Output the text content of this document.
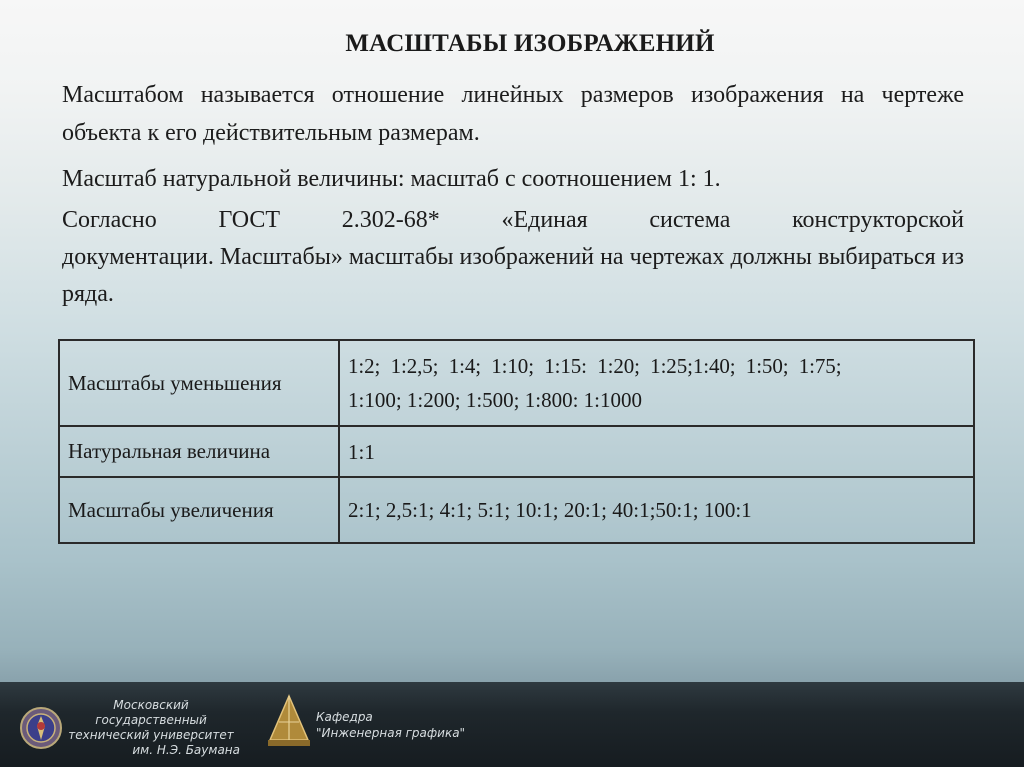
МАСШТАБЫ ИЗОБРАЖЕНИЙ
Масштабом называется отношение линейных размеров изображения на чертеже объекта к его действительным размерам.
Масштаб натуральной величины: масштаб с соотношением 1: 1.
Согласно	ГОСТ	2.302-68*	«Единая	система	конструкторской
документации. Масштабы» масштабы изображений на чертежах должны выбираться из ряда.
Масштабы уменьшения	1:2;  1:2,5;  1:4;  1:10;  1:15:  1:20;  1:25;1:40;  1:50;  1:75;
1:100; 1:200; 1:500; 1:800: 1:1000

Натуральная величина	1:1
Масштабы увеличения	2:1; 2,5:1; 4:1; 5:1; 10:1; 20:1; 40:1;50:1; 100:1
Московский государственный
технический университет
им. Н.Э. Баумана
Кафедра
"Инженерная графика"
